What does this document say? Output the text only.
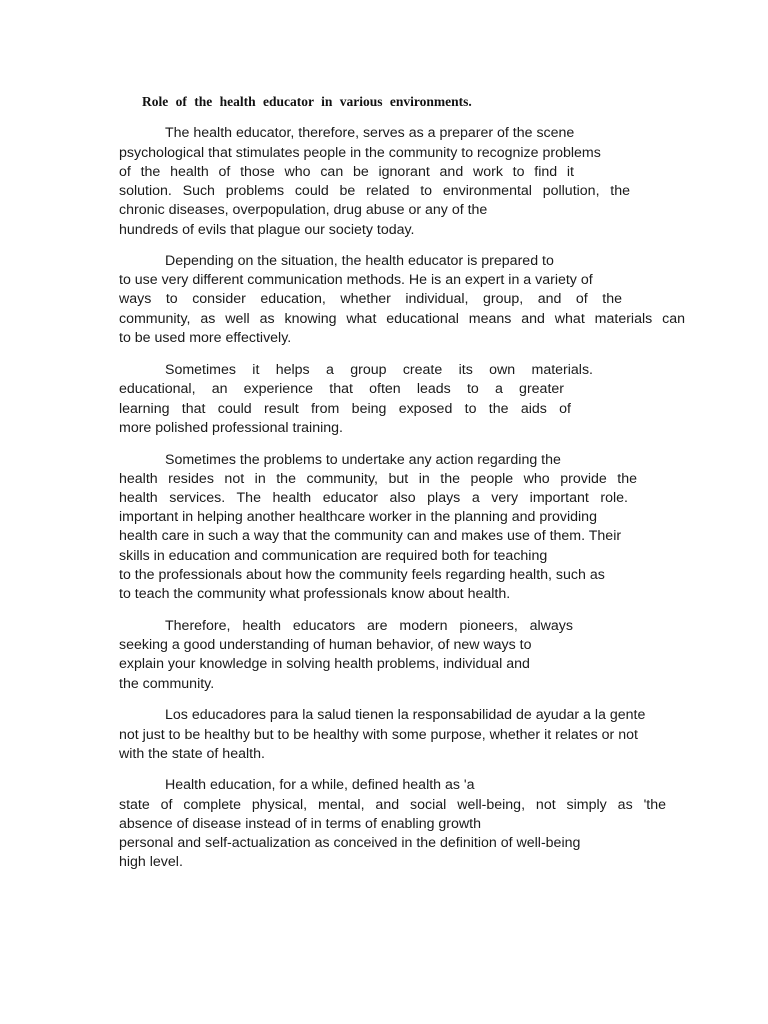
Role of the health educator in various environments.
The health educator, therefore, serves as a preparer of the scene
psychological that stimulates people in the community to recognize problems
of the health of those who can be ignorant and work to find it
solution. Such problems could be related to environmental pollution, the
chronic diseases, overpopulation, drug abuse or any of the
hundreds of evils that plague our society today.
Depending on the situation, the health educator is prepared to
to use very different communication methods. He is an expert in a variety of
ways to consider education, whether individual, group, and of the
community, as well as knowing what educational means and what materials can
to be used more effectively.
Sometimes it helps a group create its own materials.
educational, an experience that often leads to a greater
learning that could result from being exposed to the aids of
more polished professional training.
Sometimes the problems to undertake any action regarding the
health resides not in the community, but in the people who provide the
health services. The health educator also plays a very important role.
important in helping another healthcare worker in the planning and providing
health care in such a way that the community can and makes use of them. Their
skills in education and communication are required both for teaching
to the professionals about how the community feels regarding health, such as
to teach the community what professionals know about health.
Therefore, health educators are modern pioneers, always
seeking a good understanding of human behavior, of new ways to
explain your knowledge in solving health problems, individual and
the community.
Los educadores para la salud tienen la responsabilidad de ayudar a la gente
not just to be healthy but to be healthy with some purpose, whether it relates or not
with the state of health.
Health education, for a while, defined health as 'a
state of complete physical, mental, and social well-being, not simply as 'the
absence of disease instead of in terms of enabling growth
personal and self-actualization as conceived in the definition of well-being
high level.
